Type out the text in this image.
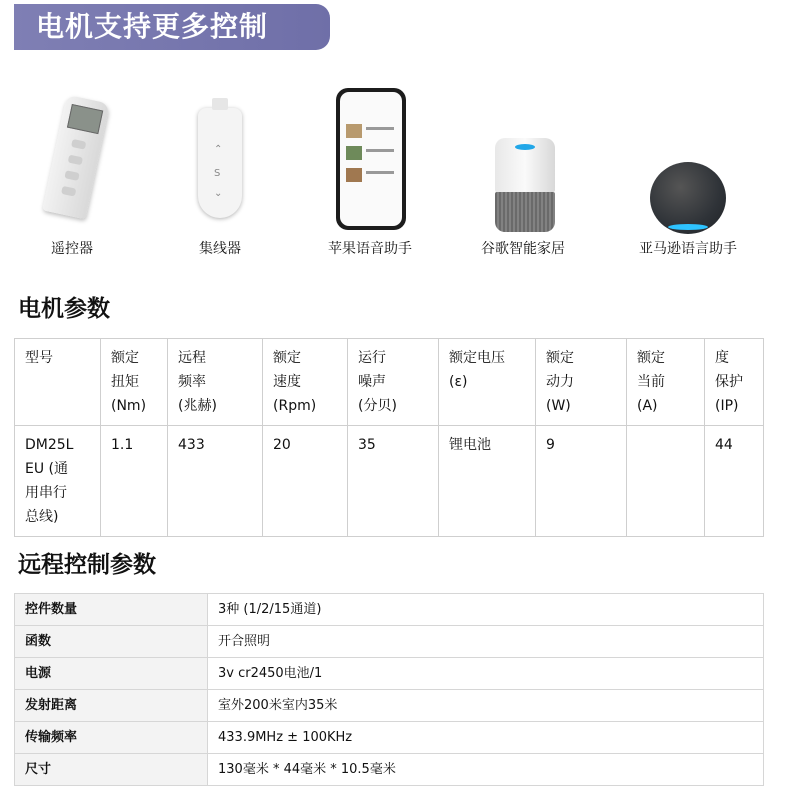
电机支持更多控制
遥控器
⌃
S
⌄
集线器	苹果语音助手	谷歌智能家居	亚马逊语言助手
电机参数
型号	额定
扭矩
(Nm)	远程
频率
(兆赫)	额定
速度
(Rpm)	运行
噪声
(分贝)	额定电压
(ε)	额定
动力
(W)	额定
当前
(A)	度
保护
(IP)
DM25L
EU (通
用串行
总线)	1.1	433	20	35	锂电池	9		44
远程控制参数
控件数量	3种 (1/2/15通道)
函数	开合照明
电源	3v cr2450电池/1
发射距离	室外200米室内35米
传输频率	433.9MHz ± 100KHz
尺寸	130毫米 * 44毫米 * 10.5毫米
